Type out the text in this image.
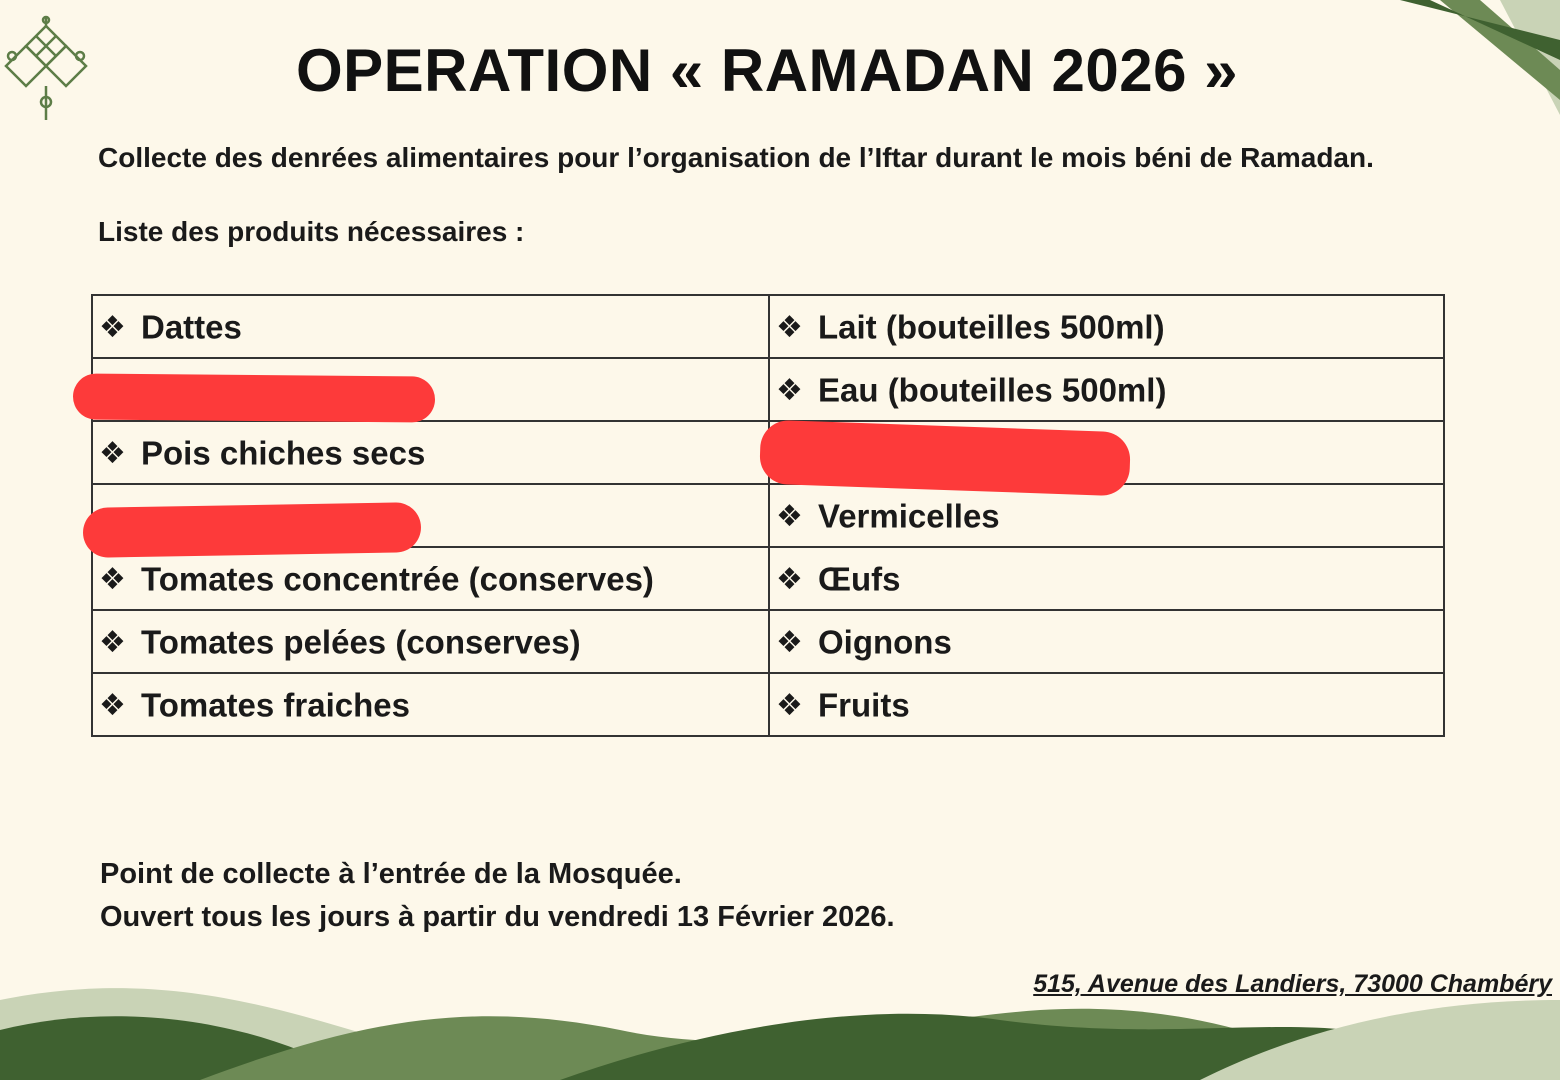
OPERATION « RAMADAN 2026 »
Collecte des denrées alimentaires pour l’organisation de l’Iftar durant le mois béni de Ramadan.
Liste des produits nécessaires :
❖ Dattes	❖ Lait (bouteilles 500ml)

	❖ Eau (bouteilles 500ml)
❖ Pois chiches secs	

	❖ Vermicelles
❖ Tomates concentrée (conserves)	❖ Œufs
❖ Tomates pelées (conserves)	❖ Oignons
❖ Tomates fraiches	❖ Fruits
Point de collecte à l’entrée de la Mosquée.
Ouvert tous les jours à partir du vendredi 13 Février 2026.
515, Avenue des Landiers, 73000 Chambéry
